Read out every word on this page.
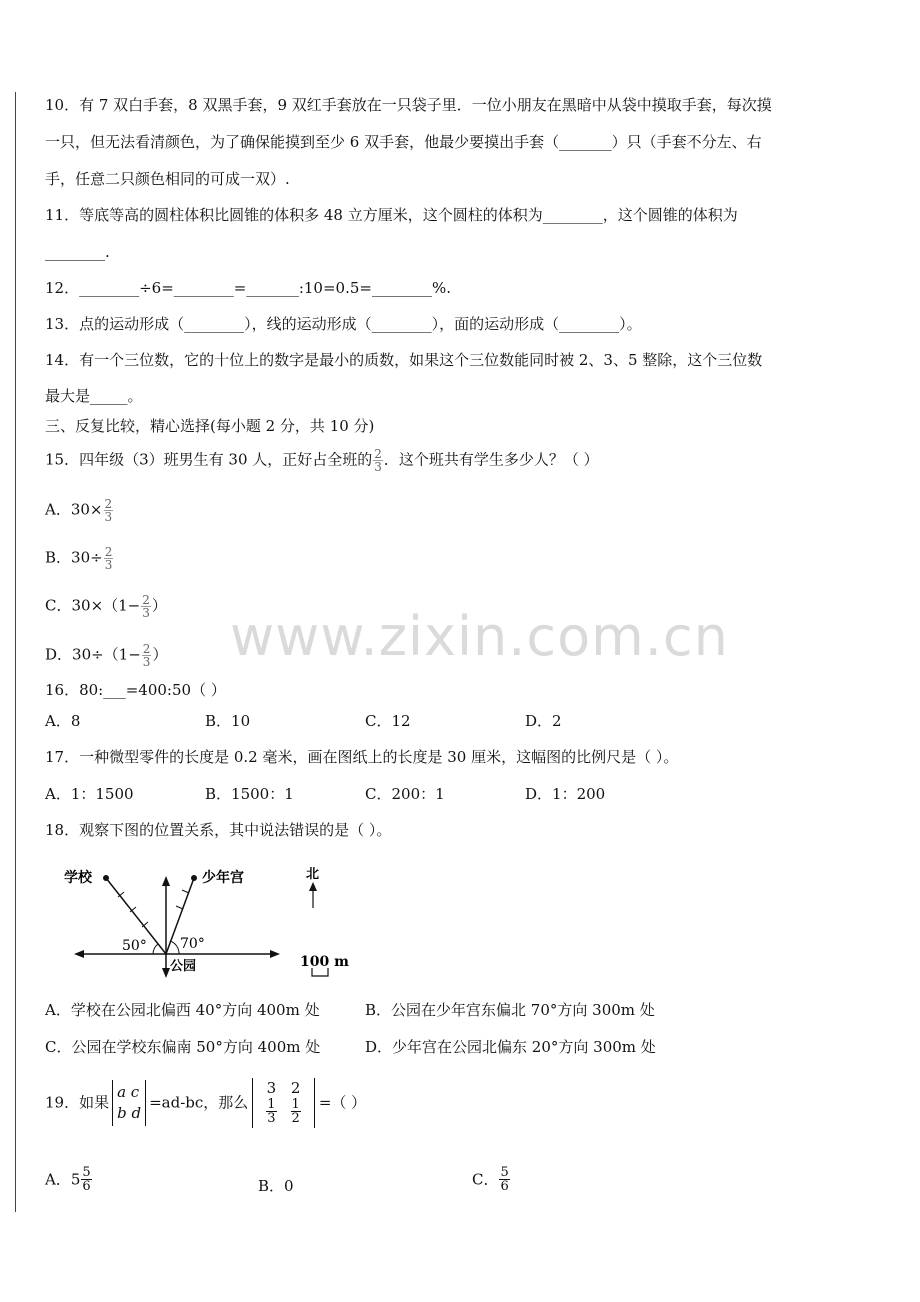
www.zixin.com.cn
10．有 7 双白手套，8 双黑手套，9 双红手套放在一只袋子里．一位小朋友在黑暗中从袋中摸取手套，每次摸
一只，但无法看清颜色，为了确保能摸到至少 6 双手套，他最少要摸出手套（_______）只（手套不分左、右
手，任意二只颜色相同的可成一双）.
11．等底等高的圆柱体积比圆锥的体积多 48 立方厘米，这个圆柱的体积为________，这个圆锥的体积为
________.
12．________÷6=________=_______:10=0.5=________%.
13．点的运动形成（________），线的运动形成（________），面的运动形成（________）。
14．有一个三位数，它的十位上的数字是最小的质数，如果这个三位数能同时被 2、3、5 整除，这个三位数
最大是_____。
三、反复比较，精心选择(每小题 2 分，共 10 分)
15．四年级（3）班男生有 30 人，正好占全班的 $\frac{2}{3}$ ．这个班共有学生多少人？（ ）
A．$30\times \frac{2}{3}$
B．$30\div \frac{2}{3}$
C．$30\times(1- \frac{2}{3}$ ）
D．$30\div(1- \frac{2}{3}$ ）
16．80:___=400:50（ ）
A．8	B．10	C．12	D．2
17．一种微型零件的长度是 0.2 毫米，画在图纸上的长度是 30 厘米，这幅图的比例尺是（ ）。
A．1：1500	B．1500：1	C．200：1	D．1：200
18．观察下图的位置关系，其中说法错误的是（ ）。
学校	少年宫
公园
50° 70°
北
100 m
A．学校在公园北偏西 40°方向 400m 处	B．公园在少年宫东偏北 70°方向 300m 处
C．公园在学校东偏南 50°方向 400m 处	D．少年宫在公园北偏东 20°方向 300m 处
19．如果
a c
b d
=ad-bc，那么
3	2

$\frac{1}{3}$	$\frac{1}{2}$ =（ ）
A．$5 \frac{5}{6}$	B．0	C． $\frac{5}{6}$
